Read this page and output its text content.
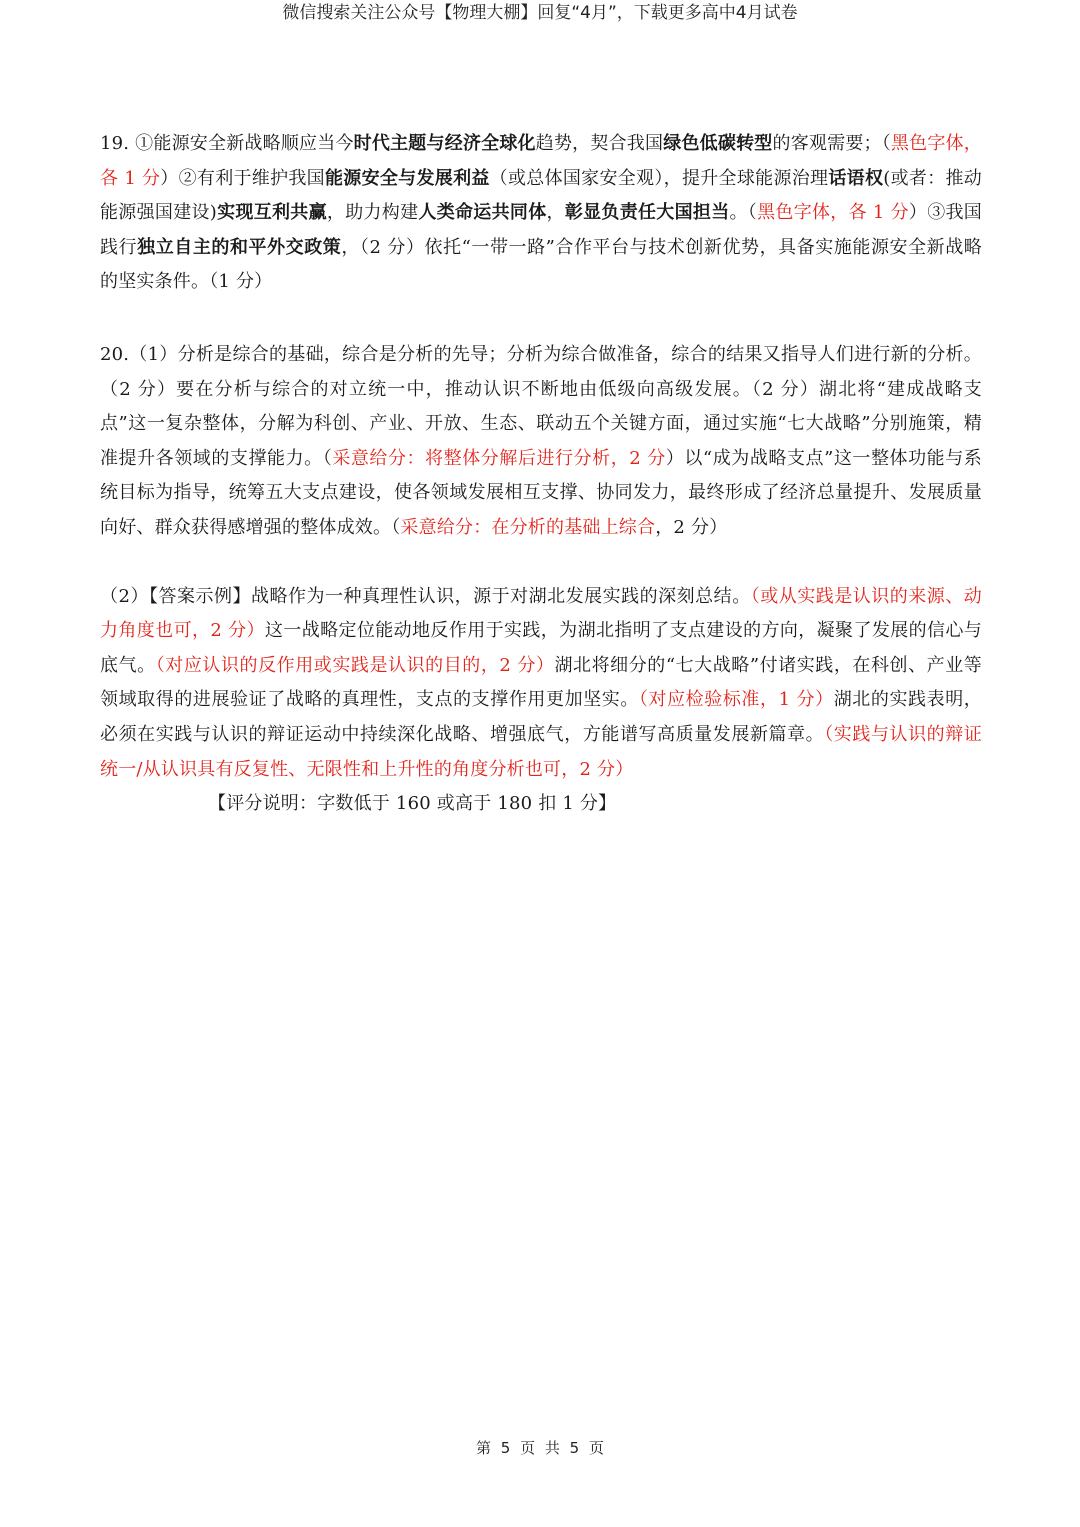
微信搜索关注公众号【物理大棚】回复“4月”，下载更多高中4月试卷

19. ①能源安全新战略顺应当今时代主题与经济全球化趋势，契合我国绿色低碳转型的客观需要；（黑色字体，各 1 分）②有利于维护我国能源安全与发展利益（或总体国家安全观），提升全球能源治理话语权(或者：推动能源强国建设)实现互利共赢，助力构建人类命运共同体，彰显负责任大国担当。（黑色字体，各 1 分）③我国践行独立自主的和平外交政策，（2 分）依托“一带一路”合作平台与技术创新优势，具备实施能源安全新战略的坚实条件。（1 分）

20.（1）分析是综合的基础，综合是分析的先导；分析为综合做准备，综合的结果又指导人们进行新的分析。（2 分）要在分析与综合的对立统一中，推动认识不断地由低级向高级发展。（2 分）湖北将“建成战略支点”这一复杂整体，分解为科创、产业、开放、生态、联动五个关键方面，通过实施“七大战略”分别施策，精准提升各领域的支撑能力。（采意给分：将整体分解后进行分析，2 分）以“成为战略支点”这一整体功能与系统目标为指导，统筹五大支点建设，使各领域发展相互支撑、协同发力，最终形成了经济总量提升、发展质量向好、群众获得感增强的整体成效。（采意给分：在分析的基础上综合，2 分）

（2）【答案示例】战略作为一种真理性认识，源于对湖北发展实践的深刻总结。（或从实践是认识的来源、动力角度也可，2 分）这一战略定位能动地反作用于实践，为湖北指明了支点建设的方向，凝聚了发展的信心与底气。（对应认识的反作用或实践是认识的目的，2 分）湖北将细分的“七大战略”付诸实践，在科创、产业等领域取得的进展验证了战略的真理性，支点的支撑作用更加坚实。（对应检验标准，1 分）湖北的实践表明，必须在实践与认识的辩证运动中持续深化战略、增强底气，方能谱写高质量发展新篇章。（实践与认识的辩证统一/从认识具有反复性、无限性和上升性的角度分析也可，2 分）

【评分说明：字数低于 160 或高于 180 扣 1 分】

第 5 页 共 5 页
